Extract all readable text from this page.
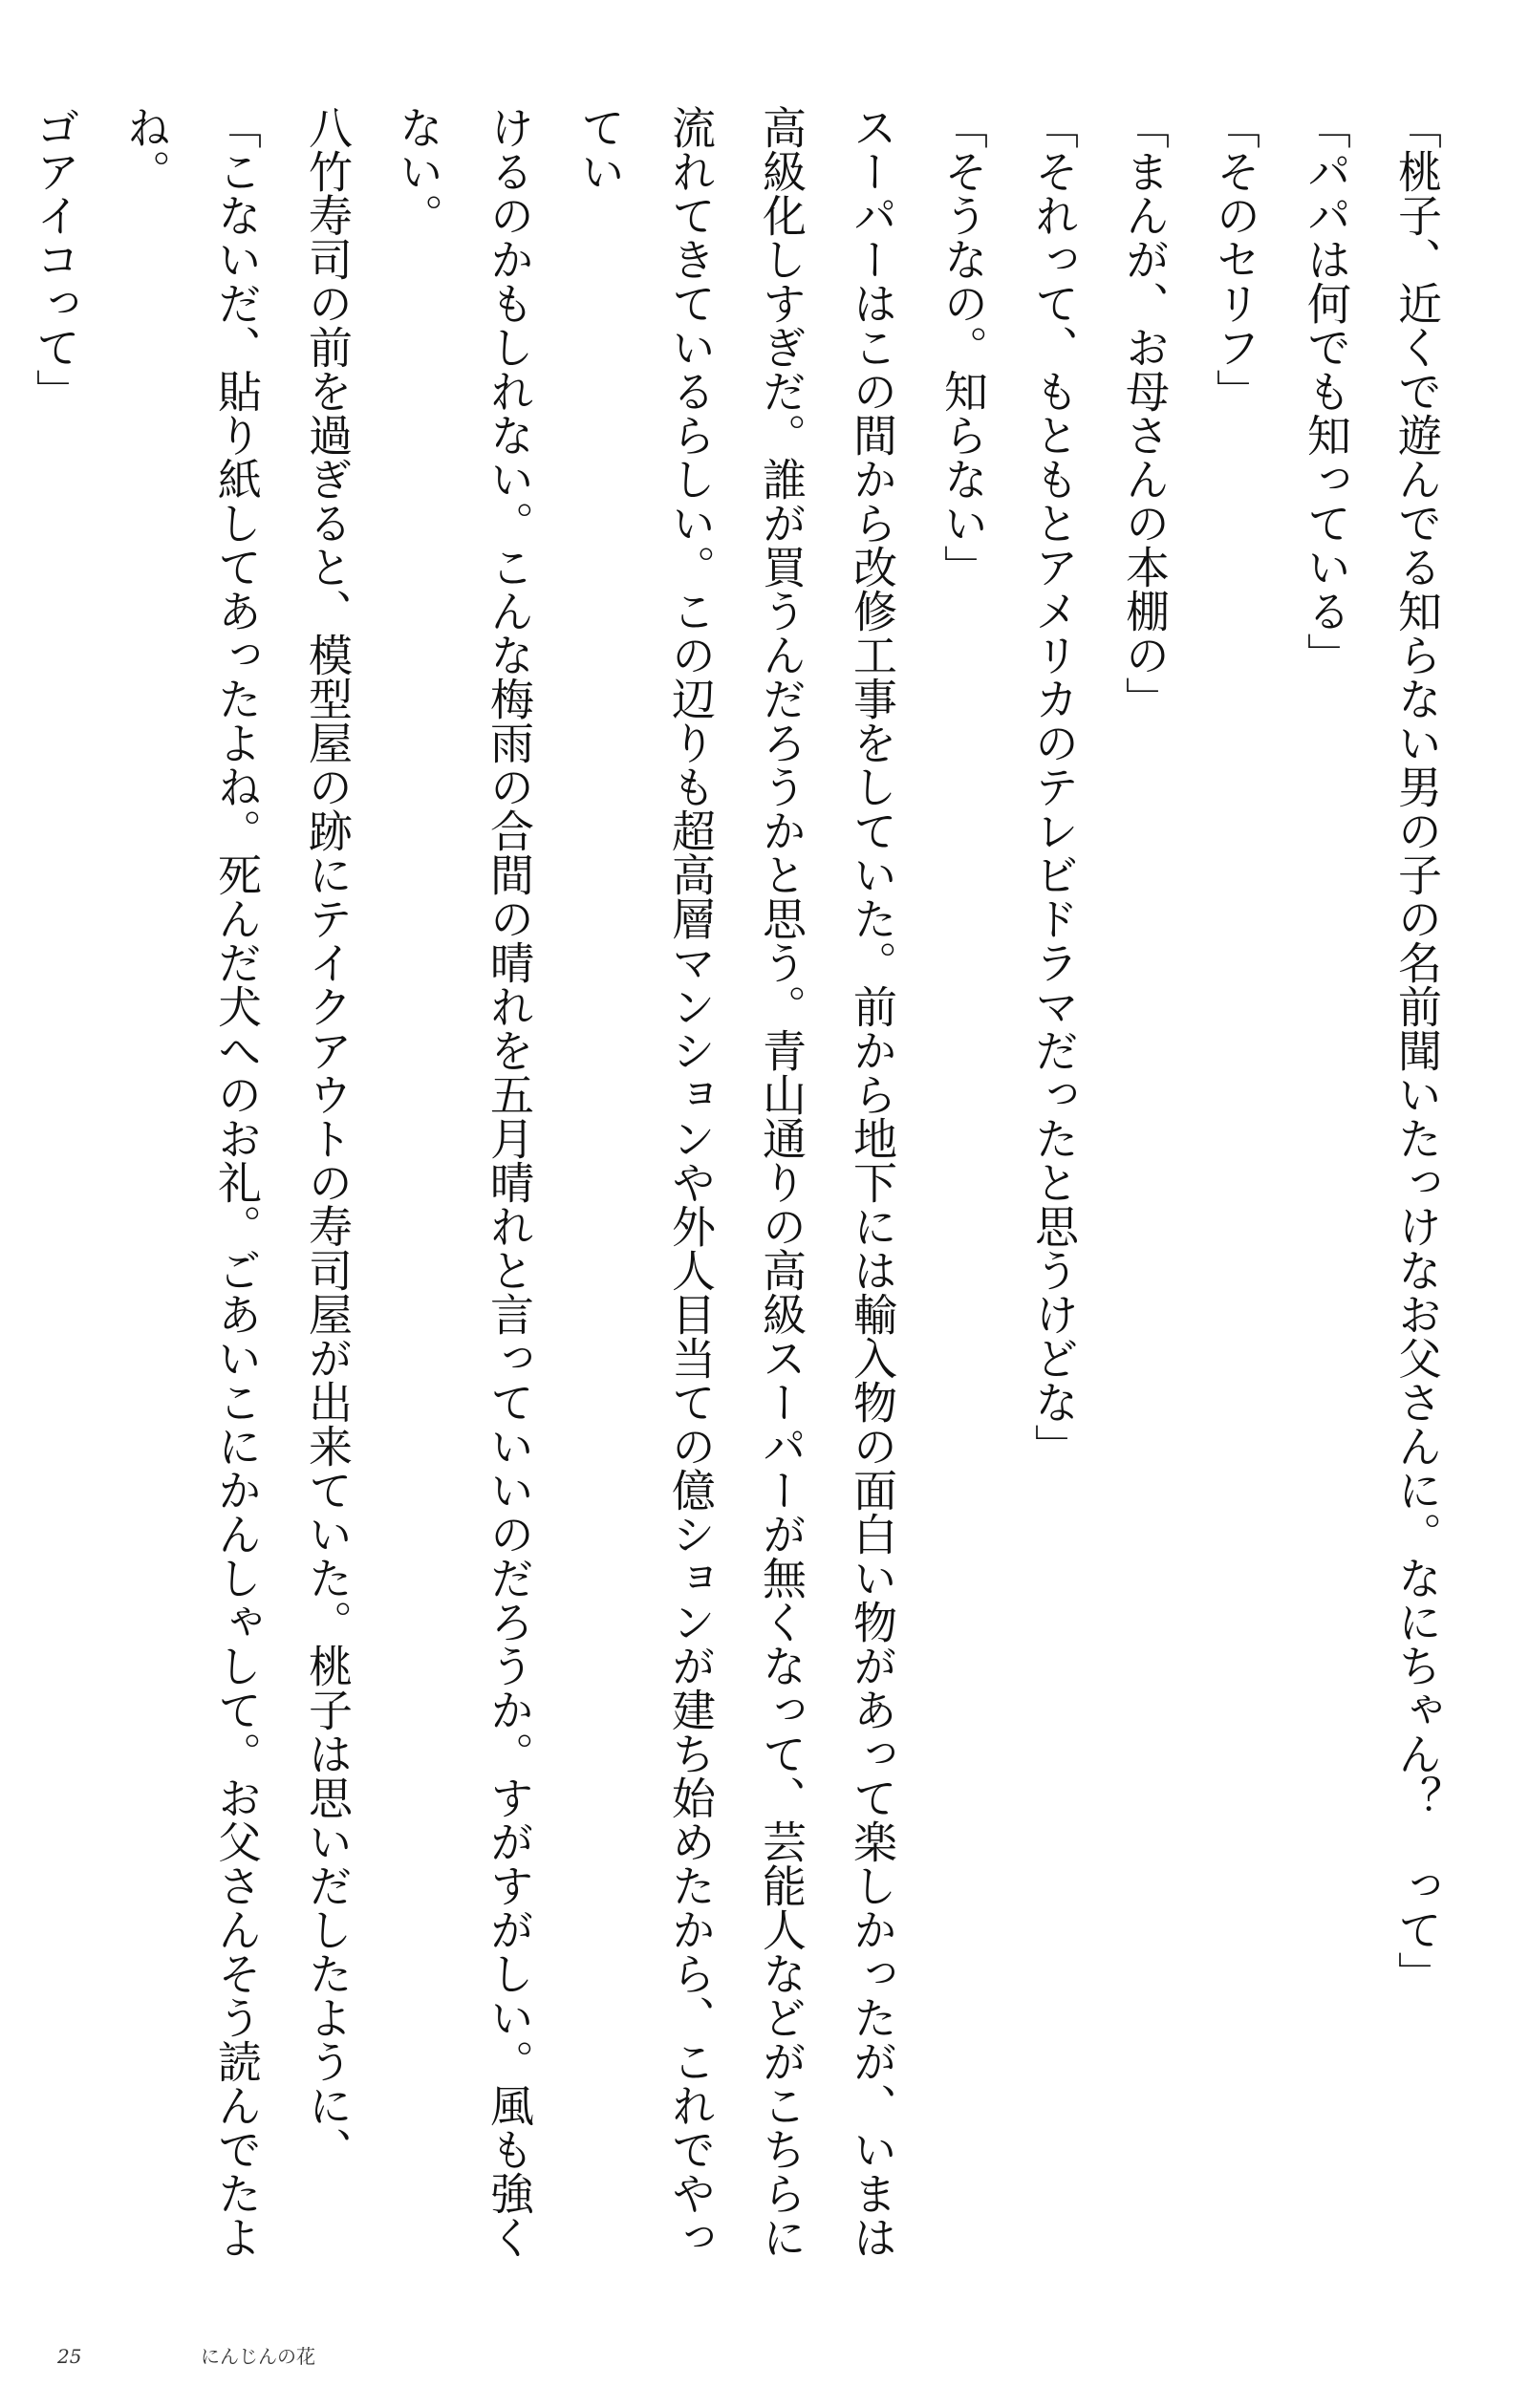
「桃子、近くで遊んでる知らない男の子の名前聞いたっけなお父さんに。なにちゃん？　って」

「パパは何でも知っている」

「そのセリフ」

「まんが、お母さんの本棚の」

「それって、もともとアメリカのテレビドラマだったと思うけどな」

「そうなの。知らない」

スーパーはこの間から改修工事をしていた。前から地下には輸入物の面白い物があって楽しかったが、いまは

高級化しすぎだ。誰が買うんだろうかと思う。青山通りの高級スーパーが無くなって、芸能人などがこちらに

流れてきているらしい。この辺りも超高層マンションや外人目当ての億ションが建ち始めたから、これでやってい

けるのかもしれない。こんな梅雨の合間の晴れを五月晴れと言っていいのだろうか。すがすがしい。風も強くない。

八竹寿司の前を過ぎると、模型屋の跡にテイクアウトの寿司屋が出来ていた。桃子は思いだしたように、

「こないだ、貼り紙してあったよね。死んだ犬へのお礼。ごあいこにかんしゃして。お父さんそう読んでたよね。

ゴアイコって」

25	にんじんの花
